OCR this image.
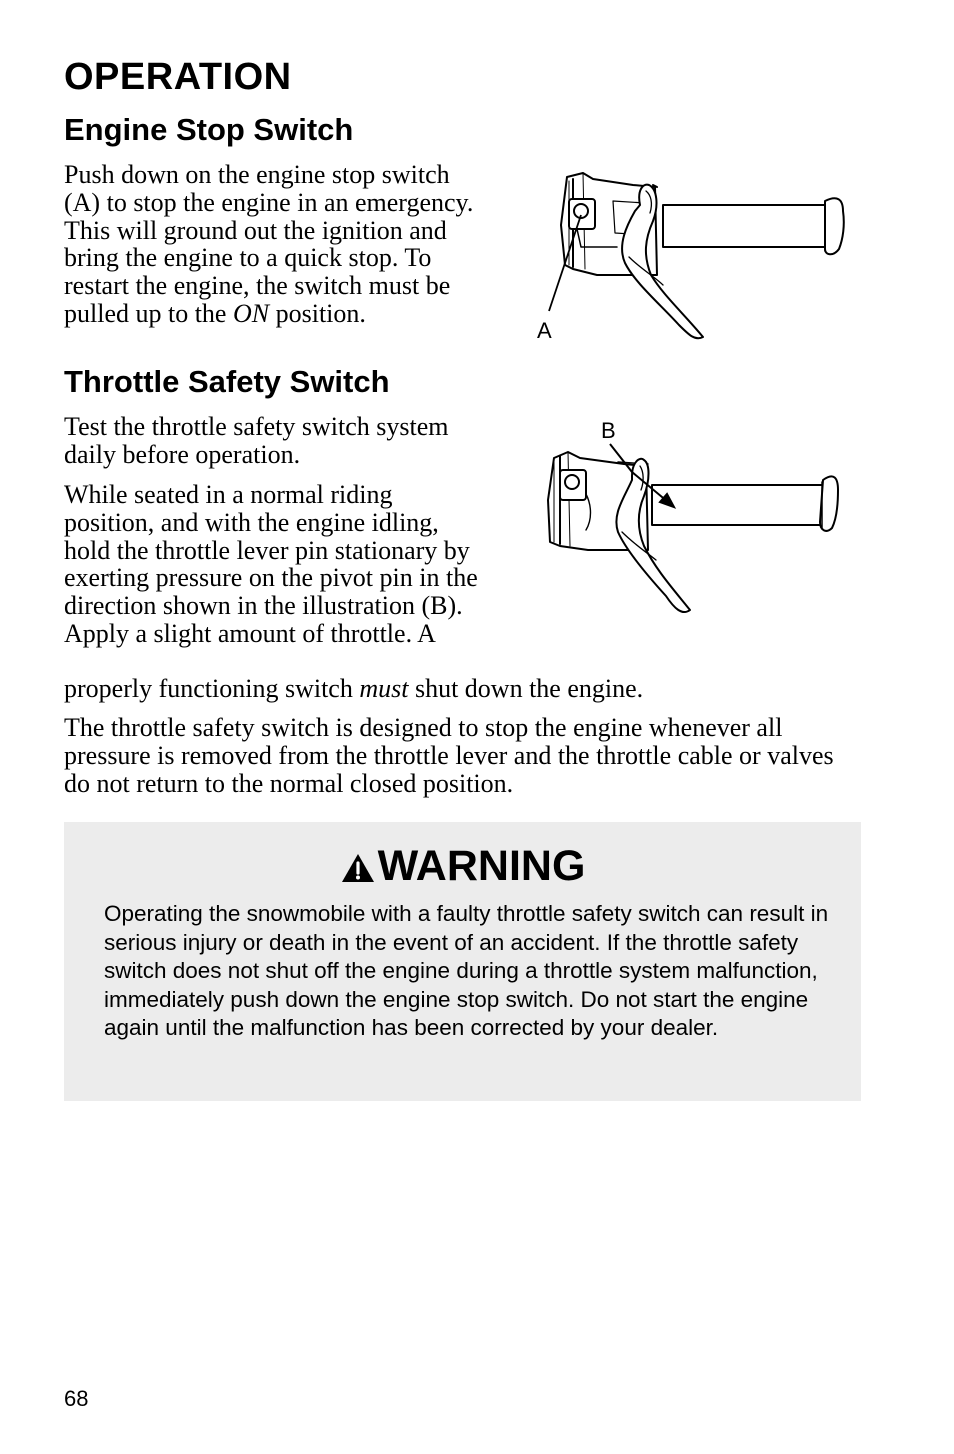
OPERATION
Engine Stop Switch

Push down on the engine stop switch (A) to stop the engine in an emergency. This will ground out the ignition and bring the engine to a quick stop. To restart the engine, the switch must be pulled up to the ON position.

A
Throttle Safety Switch

Test the throttle safety switch system daily before operation.

While seated in a normal riding position, and with the engine idling, hold the throttle lever pin stationary by exerting pressure on the pivot pin in the direction shown in the illustration (B). Apply a slight amount of throttle. A

properly functioning switch must shut down the engine.

B

The throttle safety switch is designed to stop the engine whenever all pressure is removed from the throttle lever and the throttle cable or valves do not return to the normal closed position.

WARNING

Operating the snowmobile with a faulty throttle safety switch can result in serious injury or death in the event of an accident. If the throttle safety switch does not shut off the engine during a throttle system malfunction, immediately push down the engine stop switch. Do not start the engine again until the malfunction has been corrected by your dealer.

68
